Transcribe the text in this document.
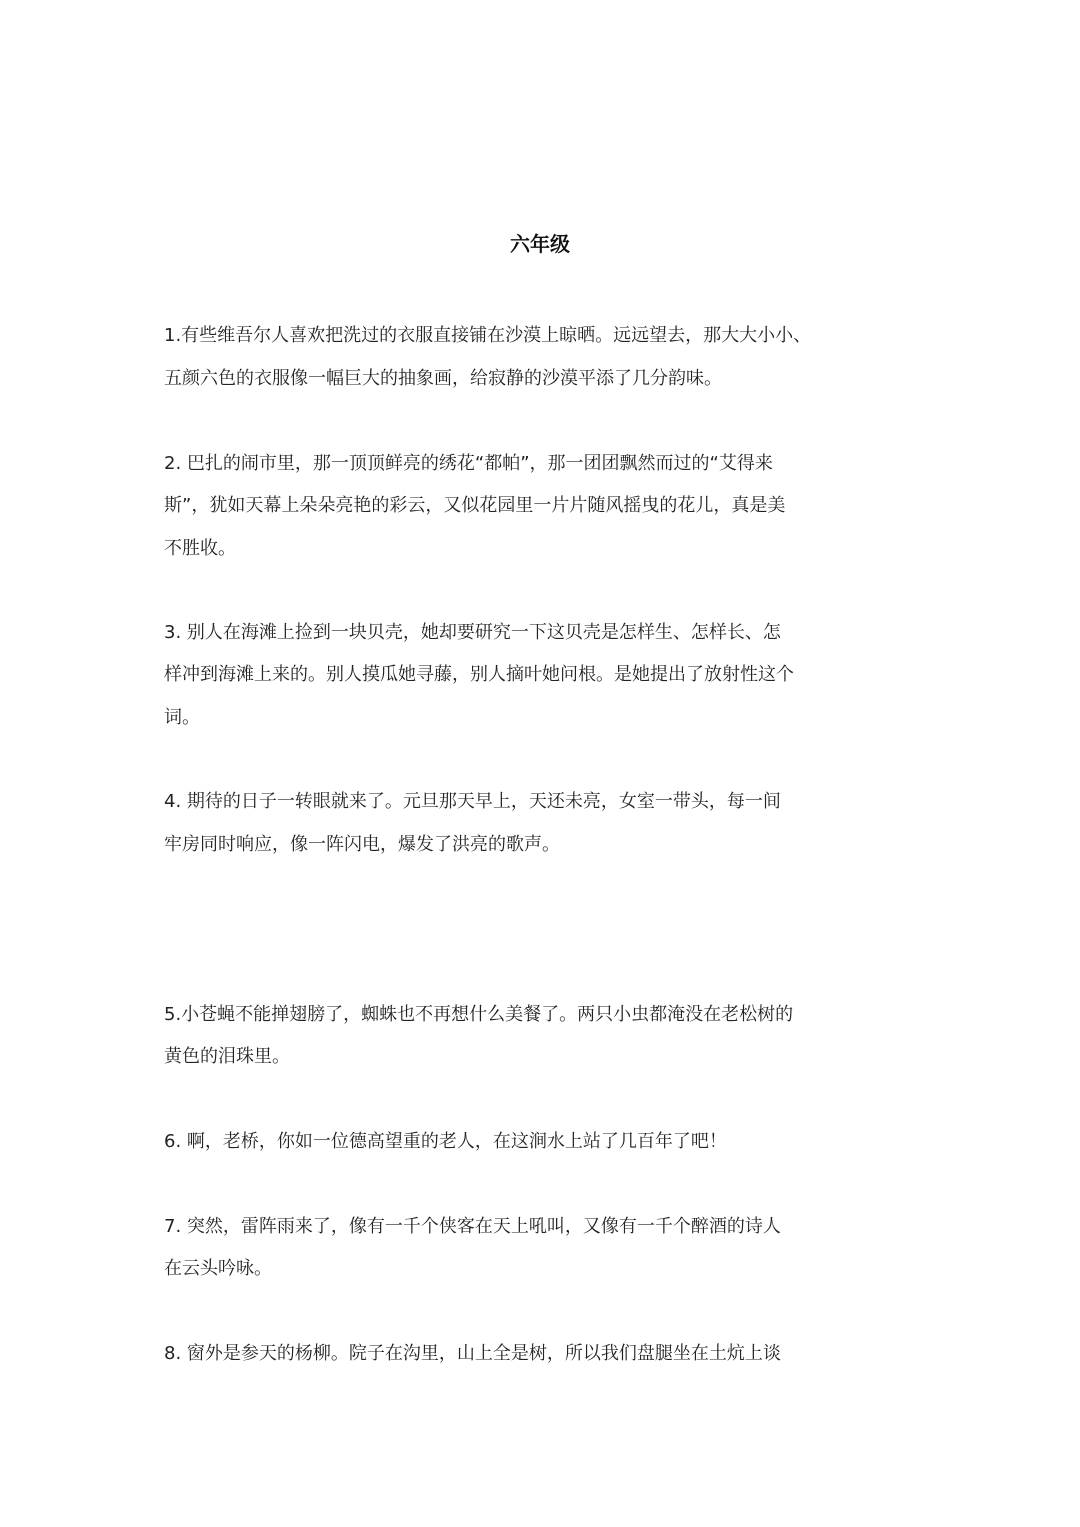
六年级
1.有些维吾尔人喜欢把洗过的衣服直接铺在沙漠上晾晒。远远望去，那大大小小、
五颜六色的衣服像一幅巨大的抽象画，给寂静的沙漠平添了几分韵味。
2. 巴扎的闹市里，那一顶顶鲜亮的绣花“都帕”，那一团团飘然而过的“艾得来
斯”，犹如天幕上朵朵亮艳的彩云，又似花园里一片片随风摇曳的花儿，真是美
不胜收。
3. 别人在海滩上捡到一块贝壳，她却要研究一下这贝壳是怎样生、怎样长、怎
样冲到海滩上来的。别人摸瓜她寻藤，别人摘叶她问根。是她提出了放射性这个
词。
4. 期待的日子一转眼就来了。元旦那天早上，天还未亮，女室一带头，每一间
牢房同时响应，像一阵闪电，爆发了洪亮的歌声。
5.小苍蝇不能掸翅膀了，蜘蛛也不再想什么美餐了。两只小虫都淹没在老松树的
黄色的泪珠里。
6. 啊，老桥，你如一位德高望重的老人，在这涧水上站了几百年了吧！
7. 突然，雷阵雨来了，像有一千个侠客在天上吼叫，又像有一千个醉酒的诗人
在云头吟咏。
8. 窗外是参天的杨柳。院子在沟里，山上全是树，所以我们盘腿坐在土炕上谈
